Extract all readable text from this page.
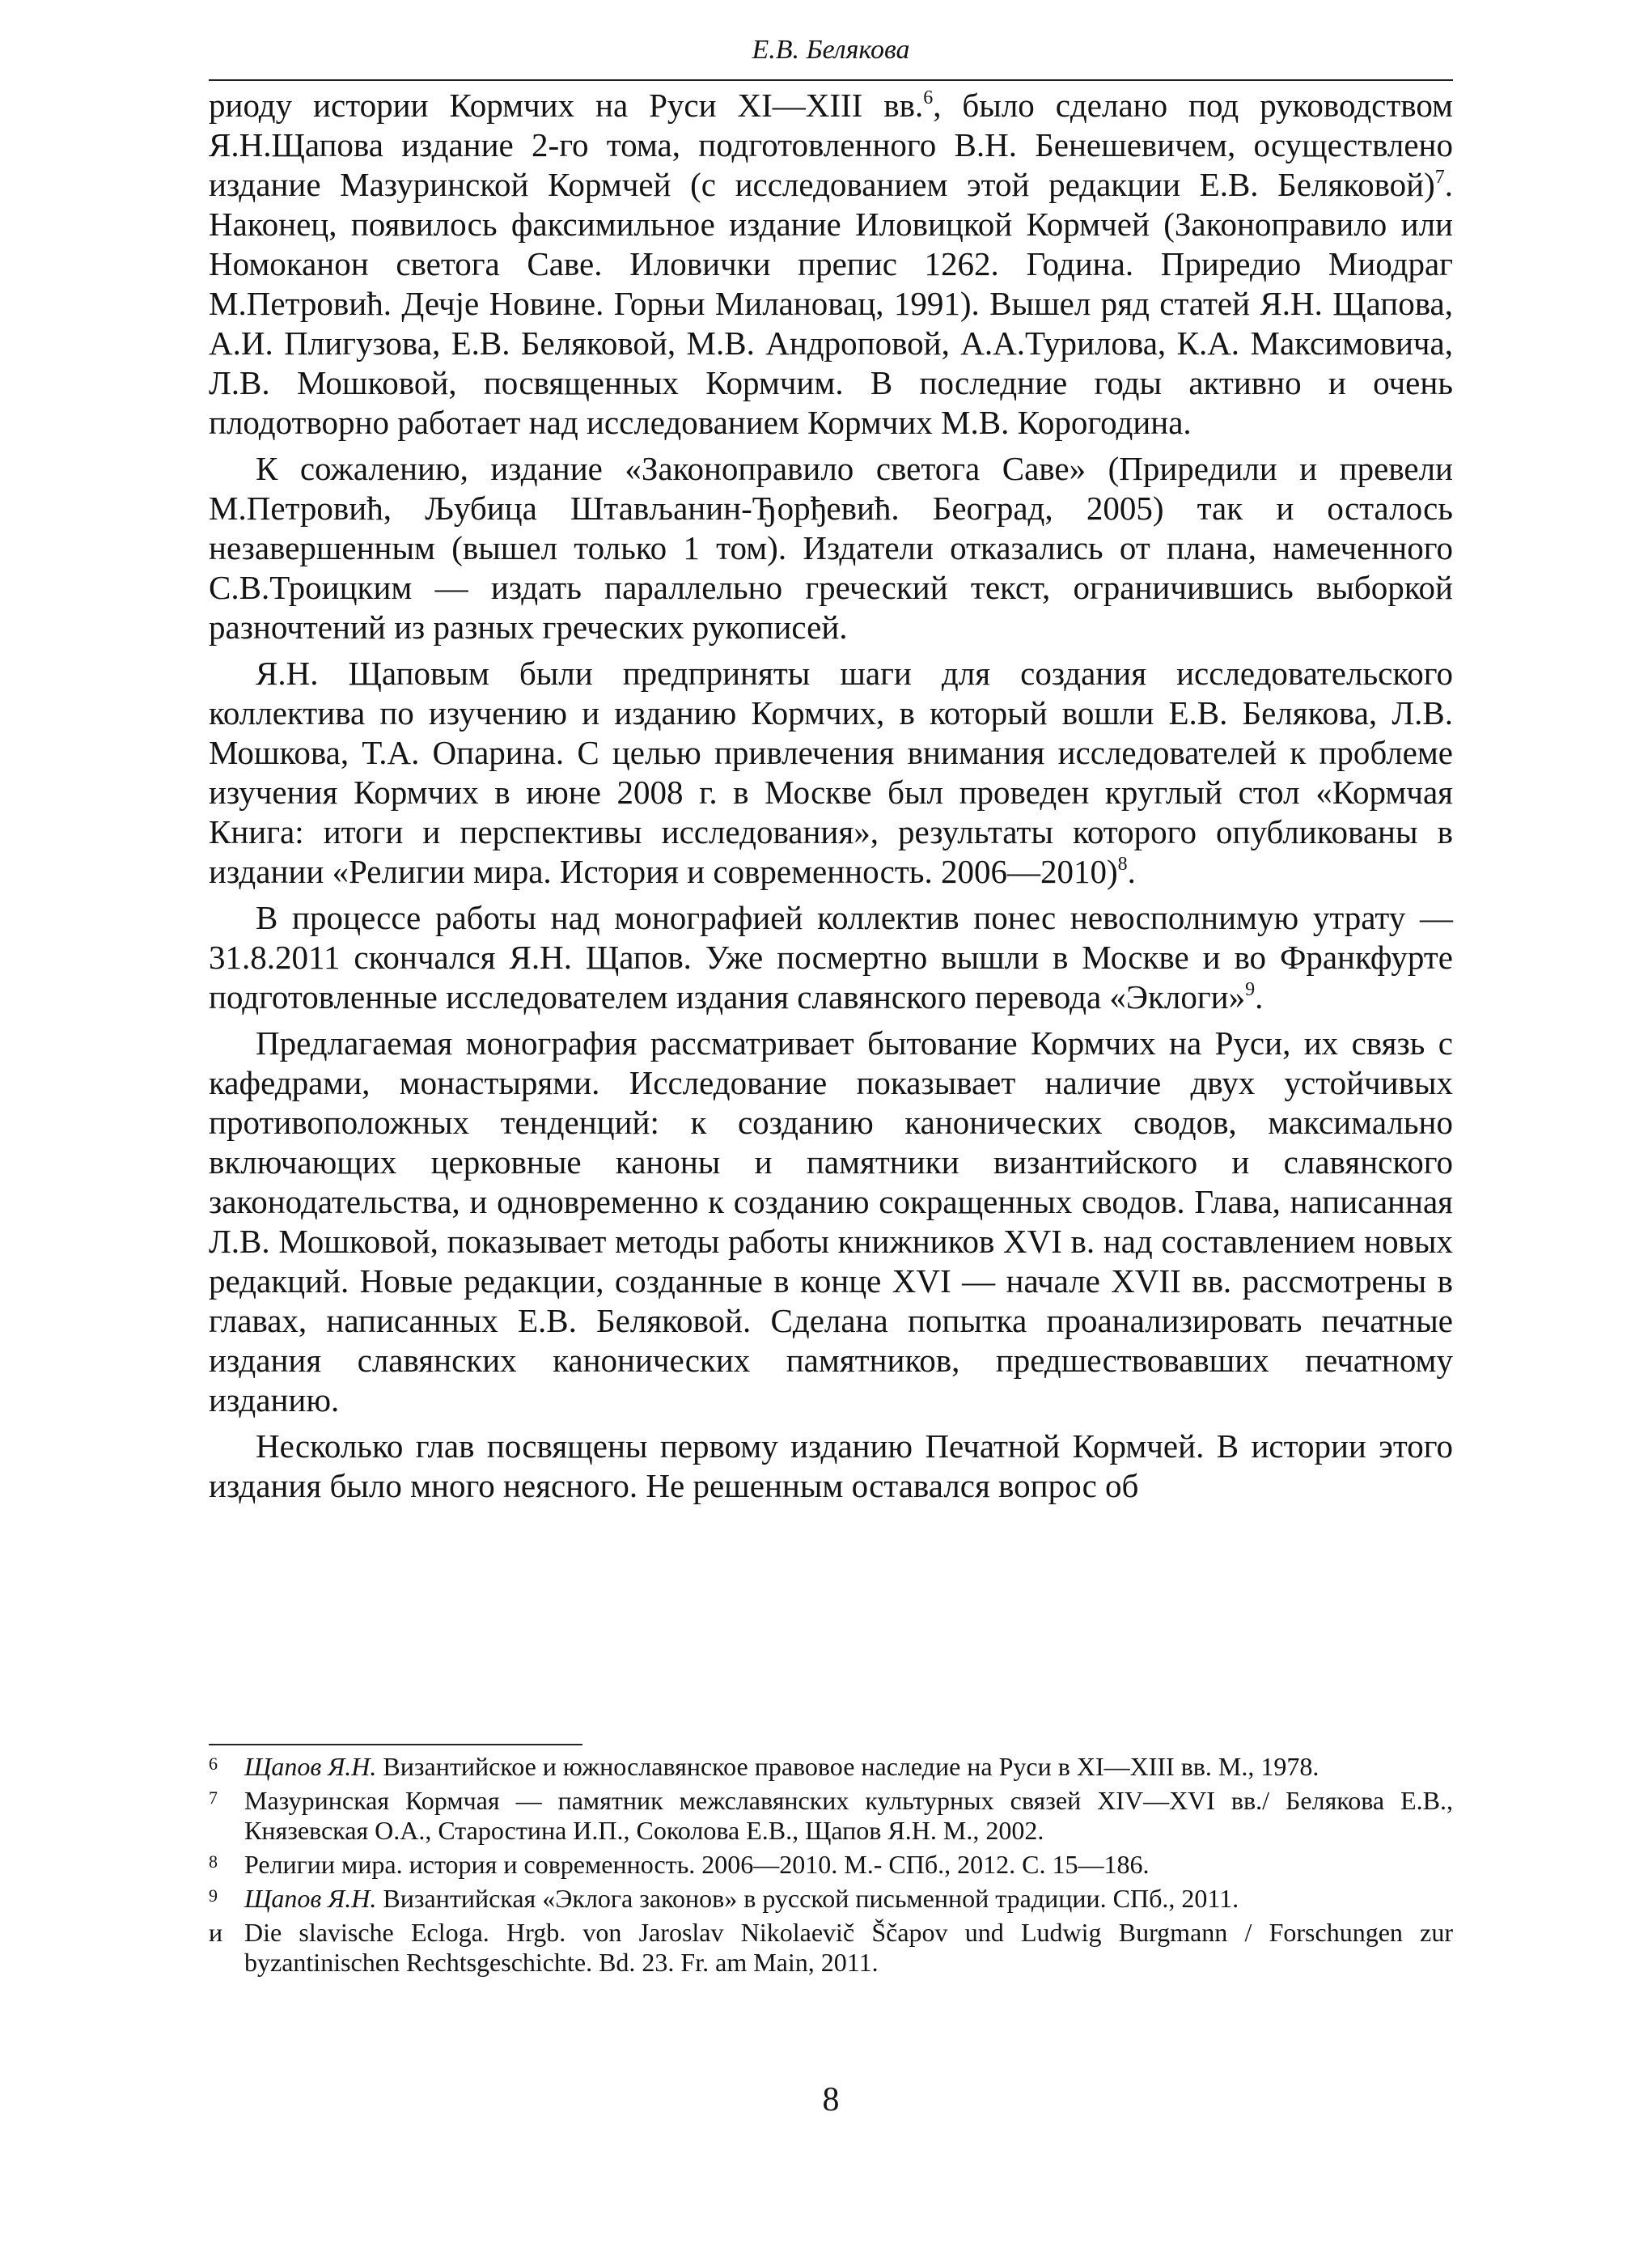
Е.В. Белякова

риоду истории Кормчих на Руси XI—XIII вв.$^6$, было сделано под руководством Я.Н.Щапова издание 2-го тома, подготовленного В.Н. Бенешевичем, осуществлено издание Мазуринской Кормчей (с исследованием этой редакции Е.В. Беляковой)$^7$. Наконец, появилось факсимильное издание Иловицкой Кормчей (Законоправило или Номоканон светога Саве. Иловички препис 1262. Година. Приредио Миодраг М.Петровић. Дечје Новине. Горњи Милановац, 1991). Вышел ряд статей Я.Н. Щапова, А.И. Плигузова, Е.В. Беляковой, М.В. Андроповой, А.А.Турилова, К.А. Максимовича, Л.В. Мошковой, посвященных Кормчим. В последние годы активно и очень плодотворно работает над исследованием Кормчих М.В. Корогодина.

К сожалению, издание «Законоправило светога Саве» (Приредили и превели М.Петровић, Љубица Штављанин-Ђорђевић. Београд, 2005) так и осталось незавершенным (вышел только 1 том). Издатели отказались от плана, намеченного С.В.Троицким — издать параллельно греческий текст, ограничившись выборкой разночтений из разных греческих рукописей.

Я.Н. Щаповым были предприняты шаги для создания исследовательского коллектива по изучению и изданию Кормчих, в который вошли Е.В. Белякова, Л.В. Мошкова, Т.А. Опарина. С целью привлечения внимания исследователей к проблеме изучения Кормчих в июне 2008 г. в Москве был проведен круглый стол «Кормчая Книга: итоги и перспективы исследования», результаты которого опубликованы в издании «Религии мира. История и современность. 2006—2010)$^8$.

В процессе работы над монографией коллектив понес невосполнимую утрату — 31.8.2011 скончался Я.Н. Щапов. Уже посмертно вышли в Москве и во Франкфурте подготовленные исследователем издания славянского перевода «Эклоги»$^9$.

Предлагаемая монография рассматривает бытование Кормчих на Руси, их связь с кафедрами, монастырями. Исследование показывает наличие двух устойчивых противоположных тенденций: к созданию канонических сводов, максимально включающих церковные каноны и памятники византийского и славянского законодательства, и одновременно к созданию сокращенных сводов. Глава, написанная Л.В. Мошковой, показывает методы работы книжников XVI в. над составлением новых редакций. Новые редакции, созданные в конце XVI — начале XVII вв. рассмотрены в главах, написанных Е.В. Беляковой. Сделана попытка проанализировать печатные издания славянских канонических памятников, предшествовавших печатному изданию.

Несколько глав посвящены первому изданию Печатной Кормчей. В истории этого издания было много неясного. Не решенным оставался вопрос об

6	Щапов Я.Н. Византийское и южнославянское правовое наследие на Руси в XI—XIII вв. М., 1978.
7	Мазуринская Кормчая — памятник межславянских культурных связей XIV—XVI вв./ Белякова Е.В., Князевская О.А., Старостина И.П., Соколова Е.В., Щапов Я.Н. М., 2002.
8	Религии мира. история и современность. 2006—2010. М.- СПб., 2012. С. 15—186.
9	Щапов Я.Н. Византийская «Эклога законов» в русской письменной традиции. СПб., 2011.
и Die slavische Ecloga. Hrgb. von Jaroslav Nikolaevič Ščapov und Ludwig Burgmann / Forschungen zur byzantinischen Rechtsgeschichte. Bd. 23. Fr. am Main, 2011.
8
